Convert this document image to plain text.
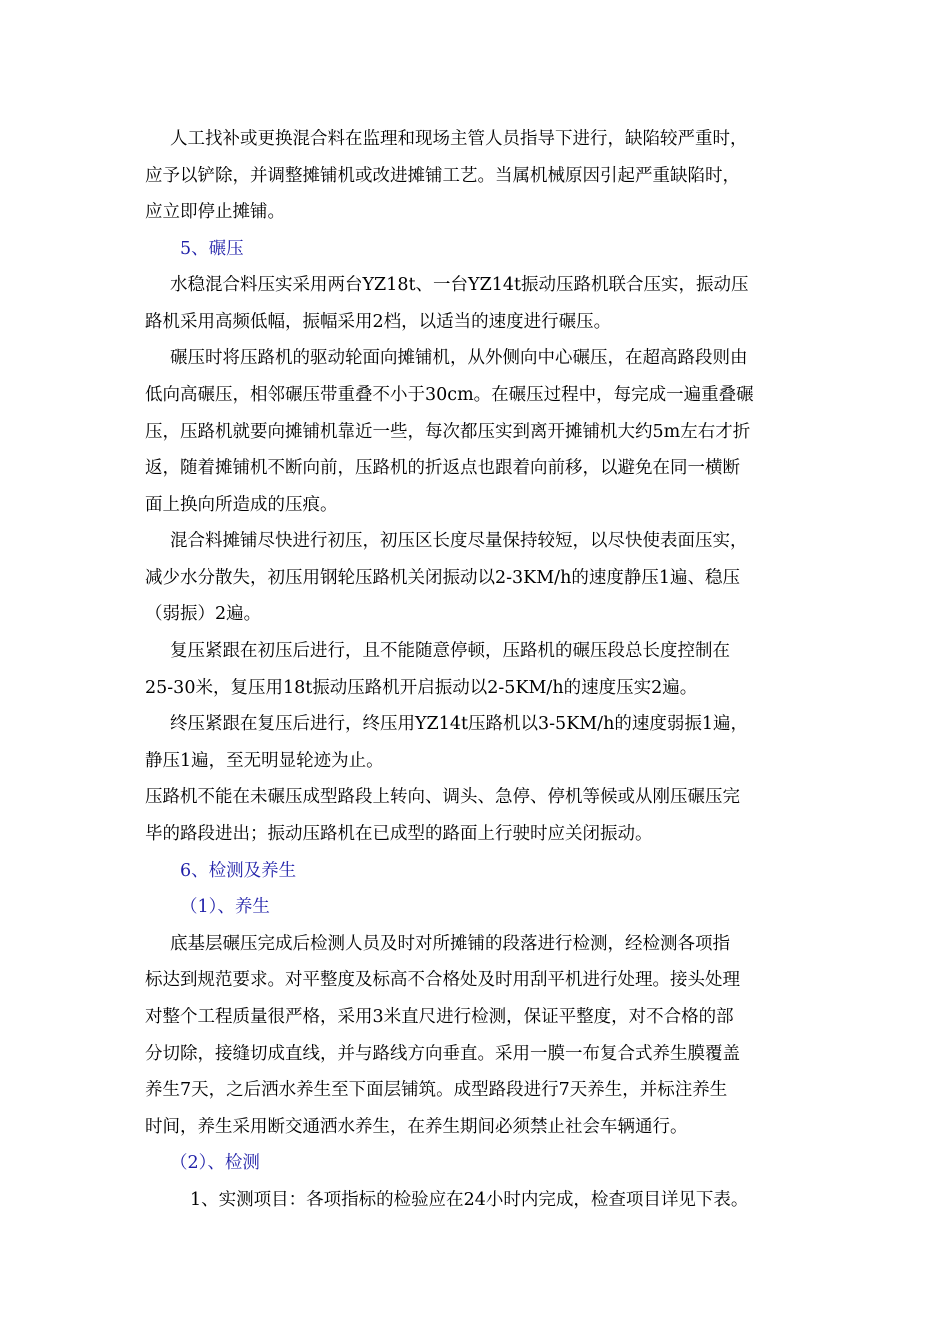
人工找补或更换混合料在监理和现场主管人员指导下进行，缺陷较严重时，
应予以铲除，并调整摊铺机或改进摊铺工艺。当属机械原因引起严重缺陷时，
应立即停止摊铺。
5、碾压
水稳混合料压实采用两台YZ18t、一台YZ14t振动压路机联合压实，振动压
路机采用高频低幅，振幅采用2档，以适当的速度进行碾压。
碾压时将压路机的驱动轮面向摊铺机，从外侧向中心碾压，在超高路段则由
低向高碾压，相邻碾压带重叠不小于30cm。在碾压过程中，每完成一遍重叠碾
压，压路机就要向摊铺机靠近一些，每次都压实到离开摊铺机大约5m左右才折
返，随着摊铺机不断向前，压路机的折返点也跟着向前移，以避免在同一横断
面上换向所造成的压痕。
混合料摊铺尽快进行初压，初压区长度尽量保持较短，以尽快使表面压实，
减少水分散失，初压用钢轮压路机关闭振动以2-3KM/h的速度静压1遍、稳压
（弱振）2遍。
复压紧跟在初压后进行，且不能随意停顿，压路机的碾压段总长度控制在
25-30米，复压用18t振动压路机开启振动以2-5KM/h的速度压实2遍。
终压紧跟在复压后进行，终压用YZ14t压路机以3-5KM/h的速度弱振1遍，
静压1遍，至无明显轮迹为止。
压路机不能在未碾压成型路段上转向、调头、急停、停机等候或从刚压碾压完
毕的路段进出；振动压路机在已成型的路面上行驶时应关闭振动。
6、检测及养生
（1）、养生
底基层碾压完成后检测人员及时对所摊铺的段落进行检测，经检测各项指
标达到规范要求。对平整度及标高不合格处及时用刮平机进行处理。接头处理
对整个工程质量很严格，采用3米直尺进行检测，保证平整度，对不合格的部
分切除，接缝切成直线，并与路线方向垂直。采用一膜一布复合式养生膜覆盖
养生7天，之后洒水养生至下面层铺筑。成型路段进行7天养生，并标注养生
时间，养生采用断交通洒水养生，在养生期间必须禁止社会车辆通行。
（2）、检测
1、实测项目：各项指标的检验应在24小时内完成，检查项目详见下表。
